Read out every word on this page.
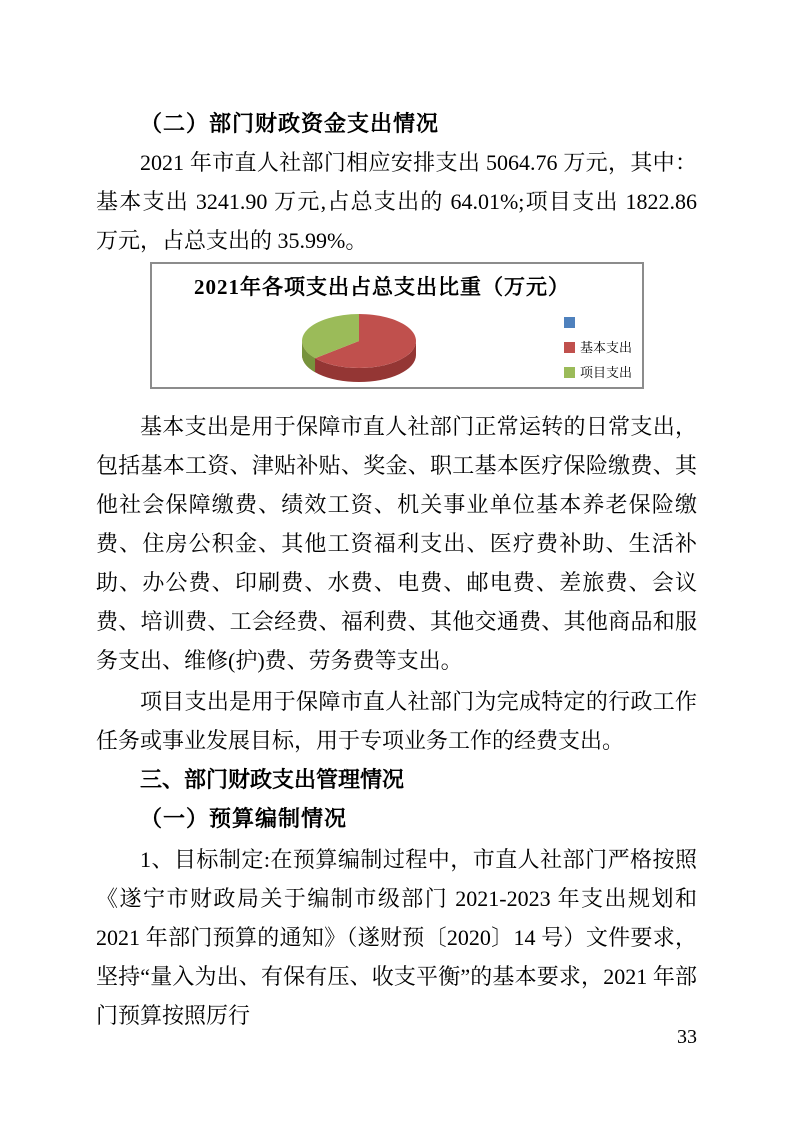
（二）部门财政资金支出情况

2021 年市直人社部门相应安排支出 5064.76 万元，其中：基本支出 3241.90 万元,占总支出的 64.01%;项目支出 1822.86 万元，占总支出的 35.99%。

2021年各项支出占总支出比重（万元）
基本支出
项目支出

基本支出是用于保障市直人社部门正常运转的日常支出，包括基本工资、津贴补贴、奖金、职工基本医疗保险缴费、其他社会保障缴费、绩效工资、机关事业单位基本养老保险缴费、住房公积金、其他工资福利支出、医疗费补助、生活补助、办公费、印刷费、水费、电费、邮电费、差旅费、会议费、培训费、工会经费、福利费、其他交通费、其他商品和服务支出、维修(护)费、劳务费等支出。

项目支出是用于保障市直人社部门为完成特定的行政工作任务或事业发展目标，用于专项业务工作的经费支出。

三、部门财政支出管理情况
（一）预算编制情况

1、目标制定:在预算编制过程中，市直人社部门严格按照《遂宁市财政局关于编制市级部门 2021-2023 年支出规划和 2021 年部门预算的通知》（遂财预〔2020〕14 号）文件要求，坚持“量入为出、有保有压、收支平衡”的基本要求，2021 年部门预算按照厉行

33
